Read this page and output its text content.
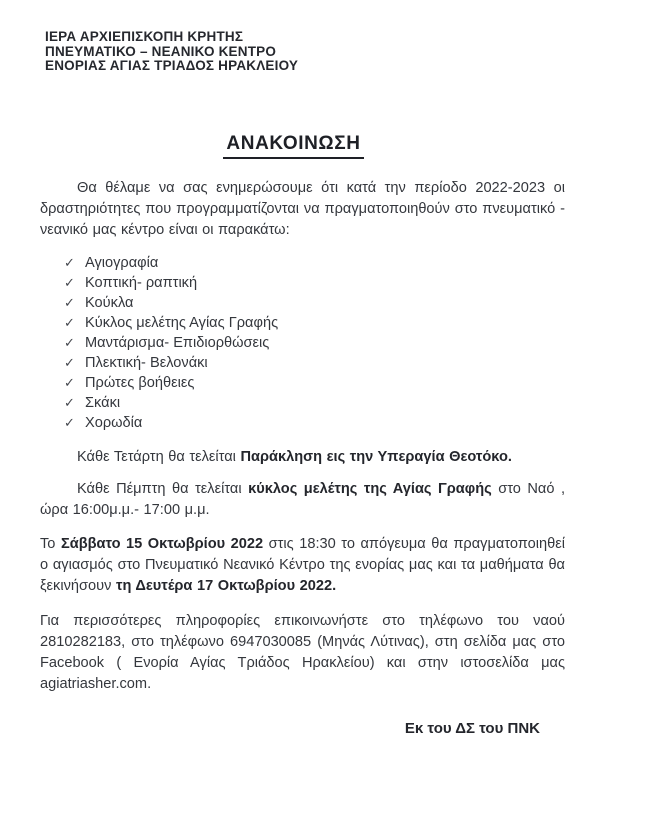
ΙΕΡΑ ΑΡΧΙΕΠΙΣΚΟΠΗ ΚΡΗΤΗΣ
ΠΝΕΥΜΑΤΙΚΟ – ΝΕΑΝΙΚΟ ΚΕΝΤΡΟ
ΕΝΟΡΙΑΣ ΑΓΙΑΣ ΤΡΙΑΔΟΣ ΗΡΑΚΛΕΙΟΥ
ΑΝΑΚΟΙΝΩΣΗ

Θα θέλαμε να σας ενημερώσουμε ότι κατά την περίοδο 2022-2023 οι δραστηριότητες που προγραμματίζονται να πραγματοποιηθούν στο πνευματικό - νεανικό μας κέντρο είναι οι παρακάτω:

✓ Αγιογραφία
✓ Κοπτική- ραπτική
✓ Κούκλα
✓ Κύκλος μελέτης Αγίας Γραφής
✓ Μαντάρισμα- Επιδιορθώσεις
✓ Πλεκτική- Βελονάκι
✓ Πρώτες βοήθειες
✓ Σκάκι
✓ Χορωδία

Κάθε Τετάρτη θα τελείται Παράκληση εις την Υπεραγία Θεοτόκο.

Κάθε Πέμπτη θα τελείται κύκλος μελέτης της Αγίας Γραφής στο Ναό , ώρα 16:00μ.μ.- 17:00 μ.μ.

Το Σάββατο 15 Οκτωβρίου 2022 στις 18:30 το απόγευμα θα πραγματοποιηθεί ο αγιασμός στο Πνευματικό Νεανικό Κέντρο της ενορίας μας και τα μαθήματα θα ξεκινήσουν τη Δευτέρα 17 Οκτωβρίου 2022.

Για περισσότερες πληροφορίες επικοινωνήστε στο τηλέφωνο του ναού 2810282183, στο τηλέφωνο 6947030085 (Μηνάς Λύτινας), στη σελίδα μας στο Facebook ( Ενορία Αγίας Τριάδος Ηρακλείου) και στην ιστοσελίδα μας agiatriasher.com.

Εκ του ΔΣ του ΠΝΚ
